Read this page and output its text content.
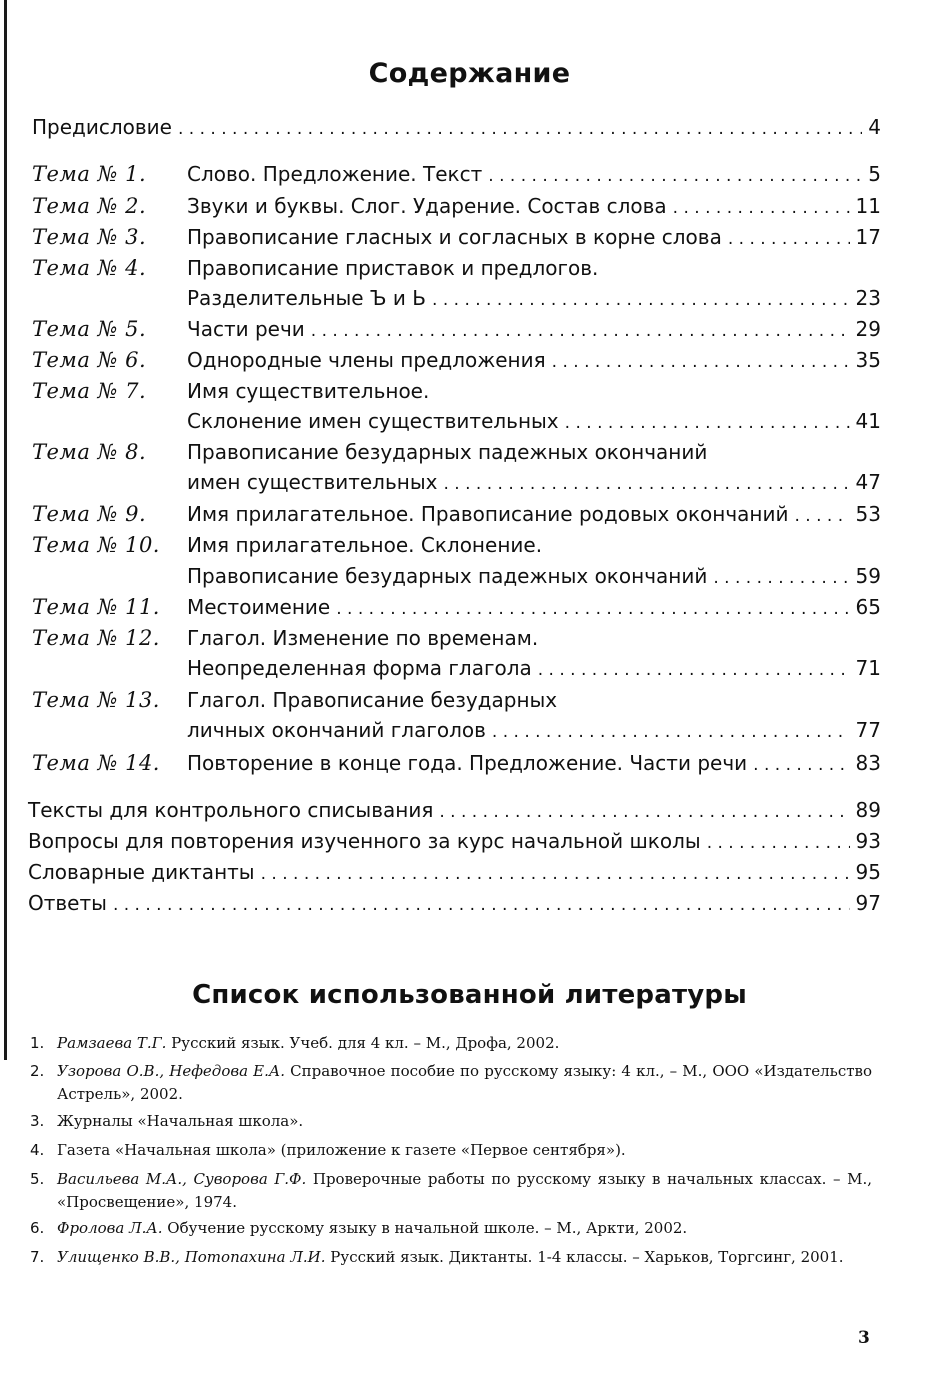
Содержание
Предисловие . . .	4
Тема № 1. Слово. Предложение. Текст . . .	5
Тема № 2. Звуки и буквы. Слог. Ударение. Состав слова . . .	11
Тема № 3. Правописание гласных и согласных в корне слова . . .	17
Тема № 4. Правописание приставок и предлогов.
Разделительные Ъ и Ь . . .	23
Тема № 5. Части речи . . .	29
Тема № 6. Однородные члены предложения . . .	35
Тема № 7. Имя существительное.
Склонение имен существительных . . .	41
Тема № 8. Правописание безударных падежных окончаний
имен существительных . . .	47
Тема № 9. Имя прилагательное. Правописание родовых окончаний . . .	53
Тема № 10. Имя прилагательное. Склонение.
Правописание безударных падежных окончаний . . .	59
Тема № 11. Местоимение . . .	65
Тема № 12. Глагол. Изменение по временам.
Неопределенная форма глагола . . .	71
Тема № 13. Глагол. Правописание безударных
личных окончаний глаголов . . .	77
Тема № 14. Повторение в конце года. Предложение. Части речи . . .	83
Тексты для контрольного списывания . . .	89
Вопросы для повторения изученного за курс начальной школы . . .	93
Словарные диктанты . . .	95
Ответы . . .	97
Список использованной литературы
1. Рамзаева Т.Г. Русский язык. Учеб. для 4 кл. – М., Дрофа, 2002.
2. Узорова О.В., Нефедова Е.А. Справочное пособие по русскому языку: 4 кл., – М., ООО «Издательство Астрель», 2002.
3. Журналы «Начальная школа».
4. Газета «Начальная школа» (приложение к газете «Первое сентября»).
5. Васильева М.А., Суворова Г.Ф. Проверочные работы по русскому языку в начальных классах. – М., «Просвещение», 1974.
6. Фролова Л.А. Обучение русскому языку в начальной школе. – М., Аркти, 2002.
7. Улищенко В.В., Потопахина Л.И. Русский язык. Диктанты. 1-4 классы. – Харьков, Торгсинг, 2001.
3
